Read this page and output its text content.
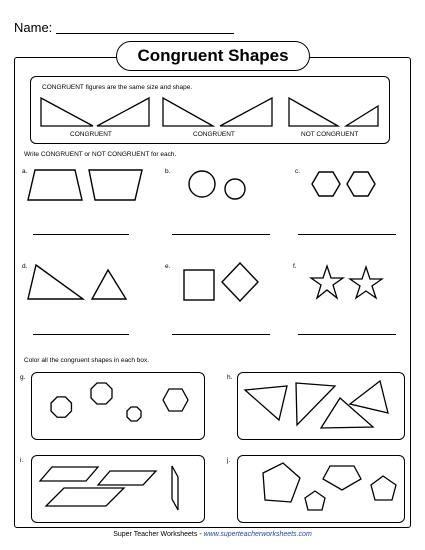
Name:
Congruent Shapes
CONGRUENT figures are the same size and shape.
CONGRUENT	CONGRUENT	NOT CONGRUENT
Write CONGRUENT or NOT CONGRUENT for each.
a.	b.	c.
d.	e.	f.
Color all the congruent shapes in each box.
g.	h.
i.	j.
Super Teacher Worksheets - www.superteacherworksheets.com
